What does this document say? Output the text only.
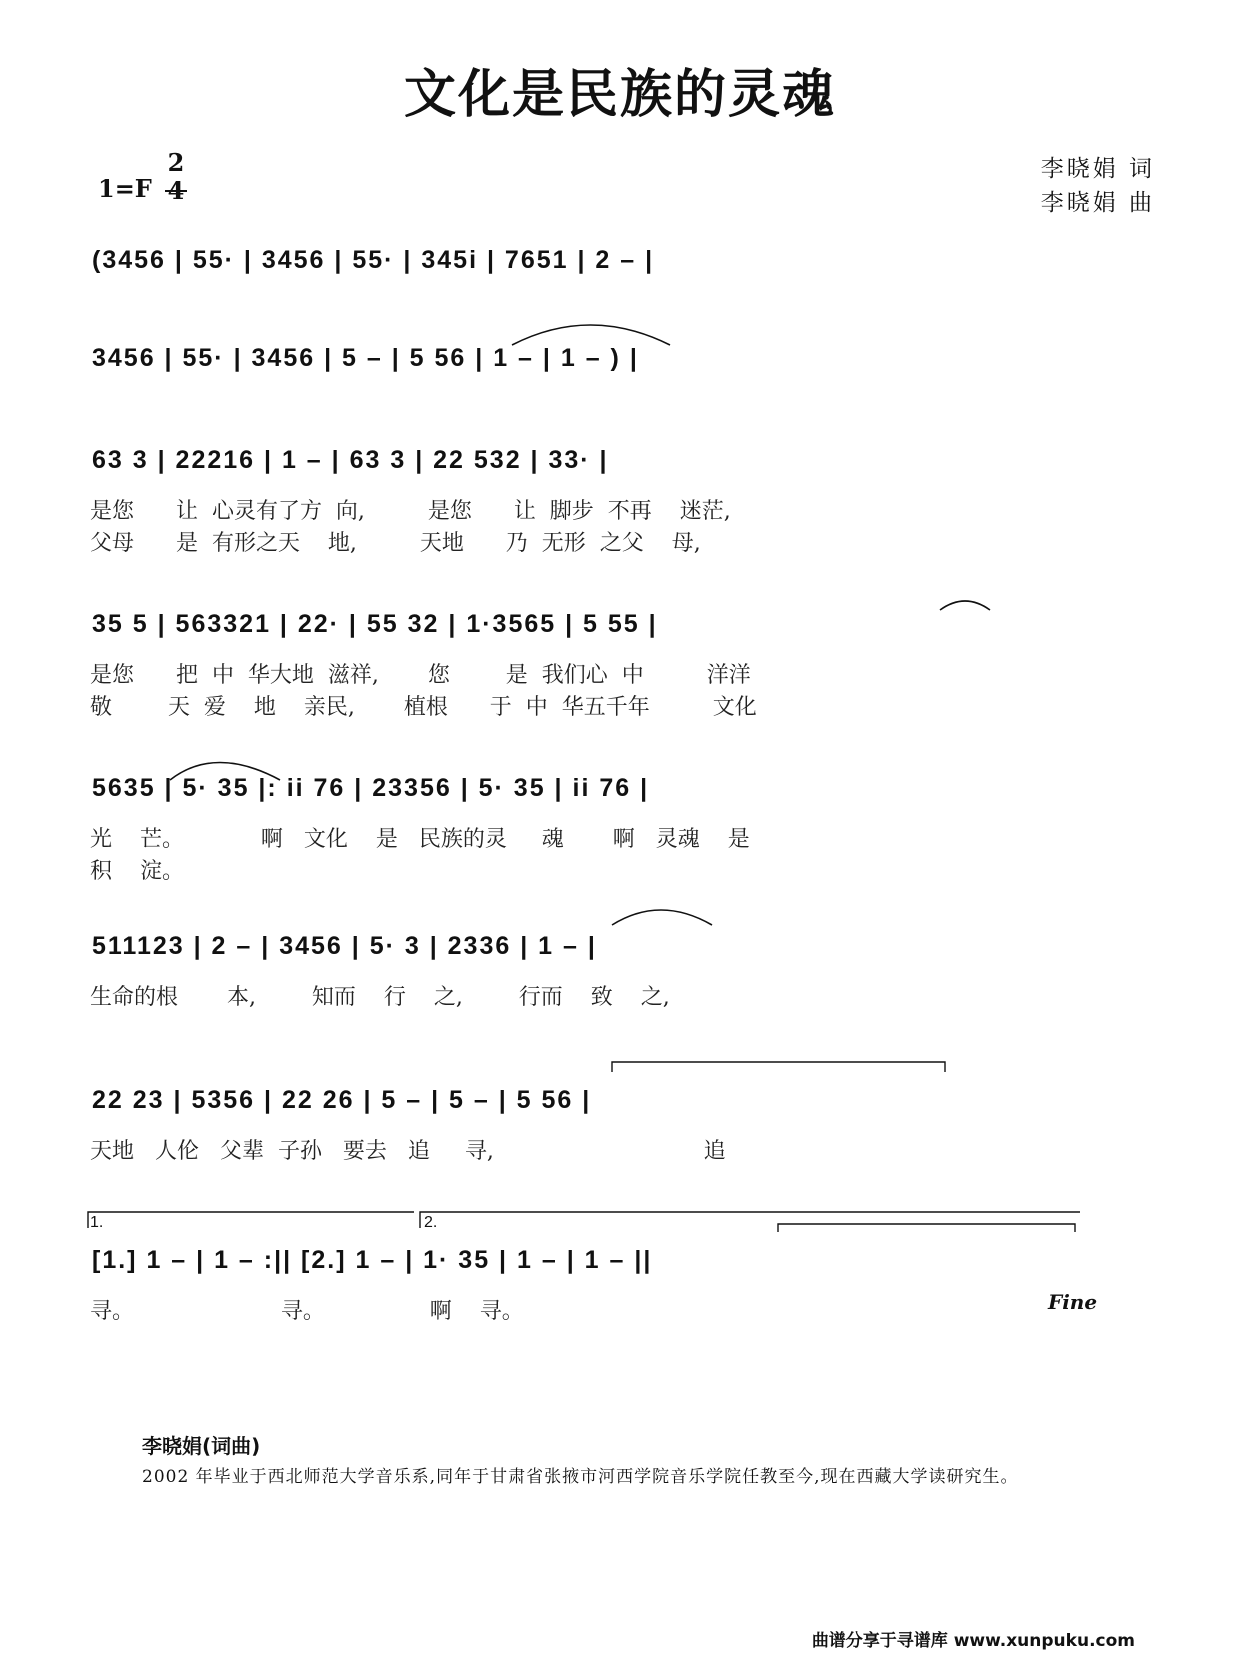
文化是民族的灵魂
1=F
2
4
李晓娟 词
李晓娟 曲
(3456 | 55· | 3456 | 55· | 345i | 7651 | 2 – |
3456 | 55· | 3456 | 5 – | 5 56 | 1 – | 1 – ) |
63 3 | 22216 | 1 – | 63 3 | 22 532 | 33· |
是您      让  心灵有了方  向,         是您      让  脚步  不再    迷茫,
父母      是  有形之天    地,         天地      乃  无形  之父    母,
35 5 | 563321 | 22· | 55 32 | 1·3565 | 5 55 |
是您      把  中  华大地  滋祥,       您        是  我们心  中         洋洋
敬        天  爱    地    亲民,       植根      于  中  华五千年         文化
5635 | 5· 35 |: ii 76 | 23356 | 5· 35 | ii 76 |
光    芒。           啊   文化    是   民族的灵     魂       啊   灵魂    是
积    淀。
511123 | 2 – | 3456 | 5· 3 | 2336 | 1 – |
生命的根       本,        知而    行    之,        行而    致    之,
22 23 | 5356 | 22 26 | 5 – | 5 – | 5 56 |
天地   人伦   父辈  子孙   要去   追     寻,                              追
1.	2.
[1.] 1 – | 1 – :|| [2.] 1 – | 1· 35 | 1 – | 1 – ||
寻。                     寻。               啊    寻。	Fine
李晓娟(词曲)
2002 年毕业于西北师范大学音乐系,同年于甘肃省张掖市河西学院音乐学院任教至今,现在西藏大学读研究生。
曲谱分享于寻谱库 www.xunpuku.com
